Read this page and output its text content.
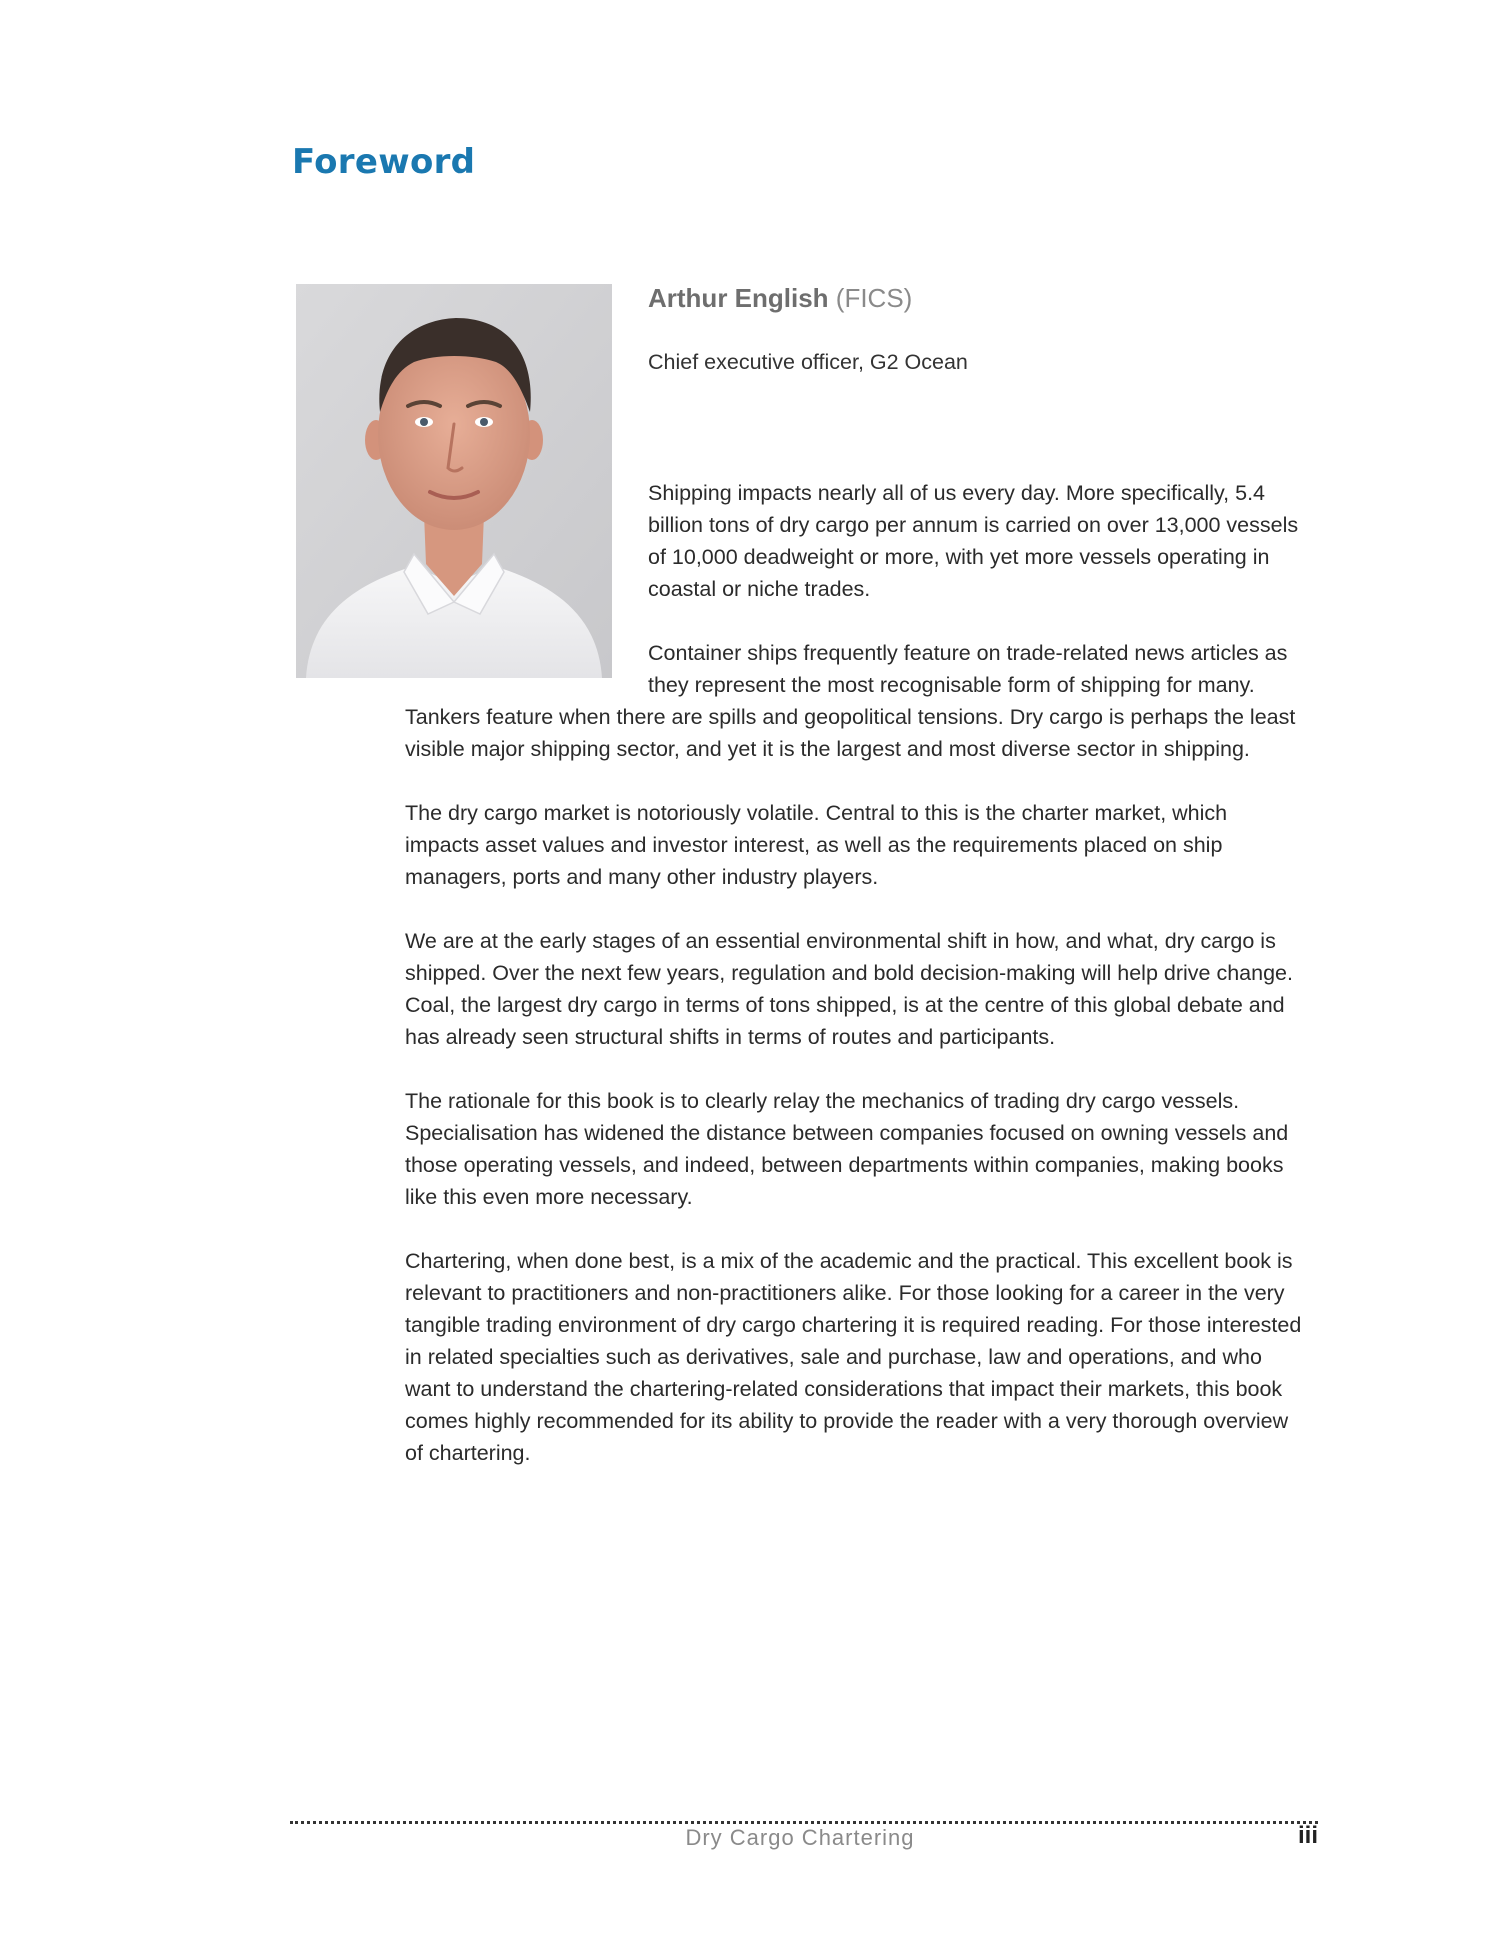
Foreword

Arthur English (FICS)

Chief executive officer, G2 Ocean

Shipping impacts nearly all of us every day. More specifically, 5.4 billion tons of dry cargo per annum is carried on over 13,000 vessels of 10,000 deadweight or more, with yet more vessels operating in coastal or niche trades.

Container ships frequently feature on trade-related news articles as they represent the most recognisable form of shipping for many. Tankers feature when there are spills and geopolitical tensions. Dry cargo is perhaps the least visible major shipping sector, and yet it is the largest and most diverse sector in shipping.

The dry cargo market is notoriously volatile. Central to this is the charter market, which impacts asset values and investor interest, as well as the requirements placed on ship managers, ports and many other industry players.

We are at the early stages of an essential environmental shift in how, and what, dry cargo is shipped. Over the next few years, regulation and bold decision-making will help drive change. Coal, the largest dry cargo in terms of tons shipped, is at the centre of this global debate and has already seen structural shifts in terms of routes and participants.

The rationale for this book is to clearly relay the mechanics of trading dry cargo vessels. Specialisation has widened the distance between companies focused on owning vessels and those operating vessels, and indeed, between departments within companies, making books like this even more necessary.

Chartering, when done best, is a mix of the academic and the practical. This excellent book is relevant to practitioners and non-practitioners alike. For those looking for a career in the very tangible trading environment of dry cargo chartering it is required reading. For those interested in related specialties such as derivatives, sale and purchase, law and operations, and who want to understand the chartering-related considerations that impact their markets, this book comes highly recommended for its ability to provide the reader with a very thorough overview of chartering.

Dry Cargo Chartering	iii
